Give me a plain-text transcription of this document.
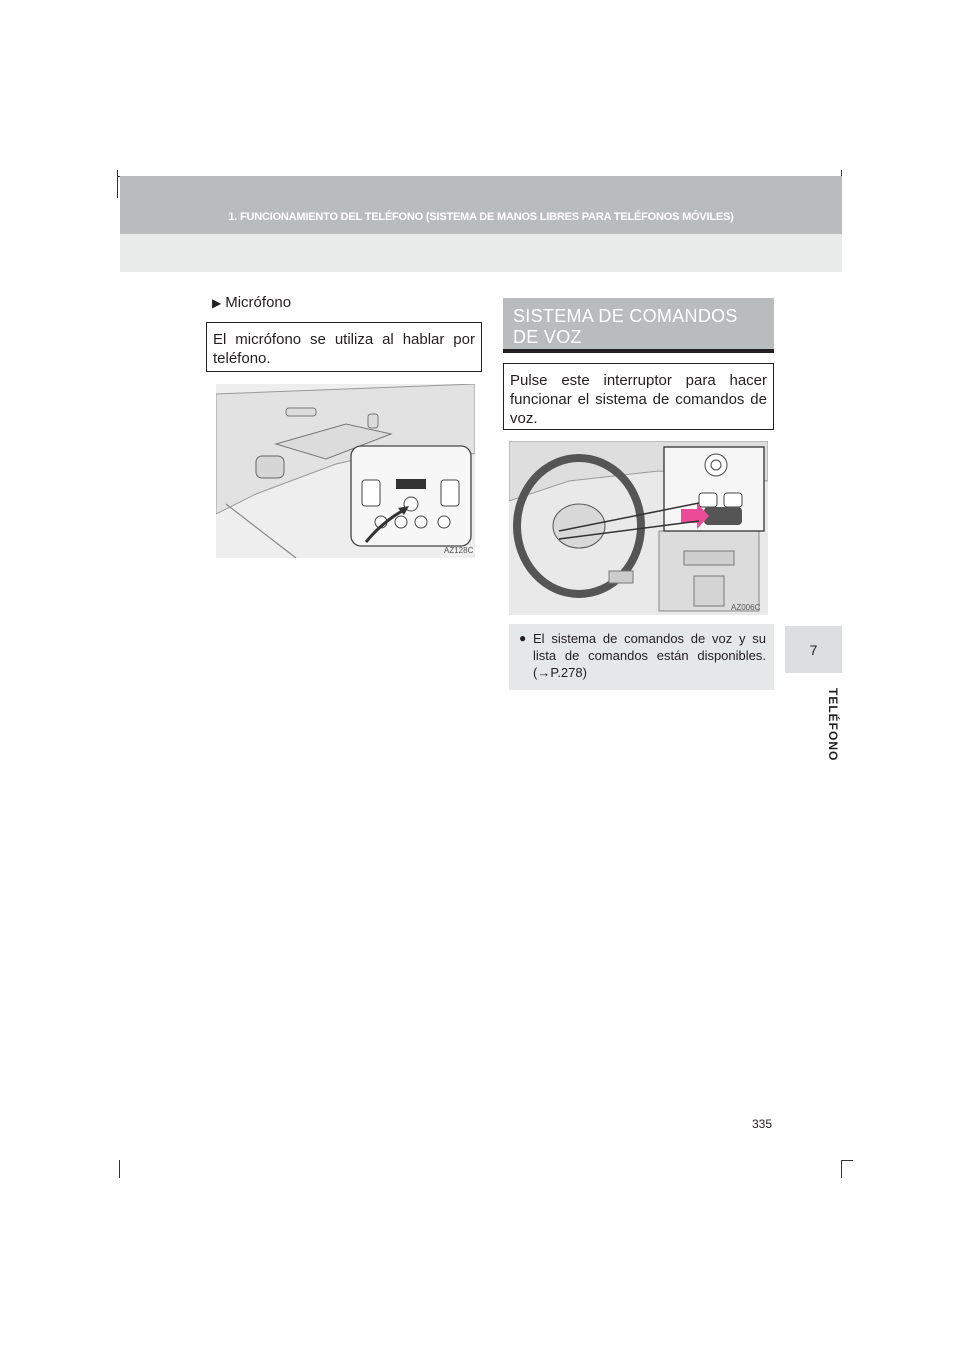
1. FUNCIONAMIENTO DEL TELÉFONO (SISTEMA DE MANOS LIBRES PARA TELÉFONOS MÓVILES)
7
TELÉFONO
▶ Micrófono
El micrófono se utiliza al hablar por teléfono.
AZ128C
SISTEMA DE COMANDOS DE VOZ
Pulse este interruptor para hacer funcionar el sistema de comandos de voz.
AZ006C
● El sistema de comandos de voz y su lista de comandos están disponibles. (→P.278)
335
